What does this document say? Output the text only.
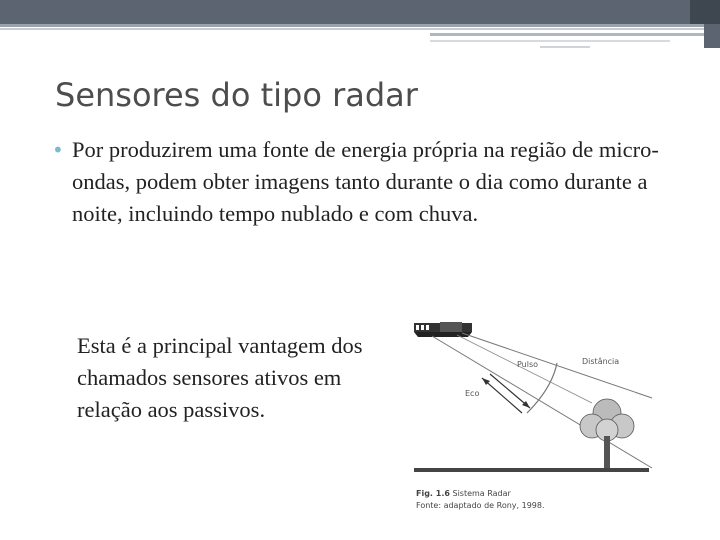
Sensores do tipo radar
• Por produzirem uma fonte de energia própria na região de micro-ondas, podem obter imagens tanto durante o dia como durante a noite, incluindo tempo nublado e com chuva.

Esta é a principal vantagem dos chamados sensores ativos em relação aos passivos.

Pulso	Distância
Eco
Fig. 1.6 Sistema Radar
Fonte: adaptado de Rony, 1998.
